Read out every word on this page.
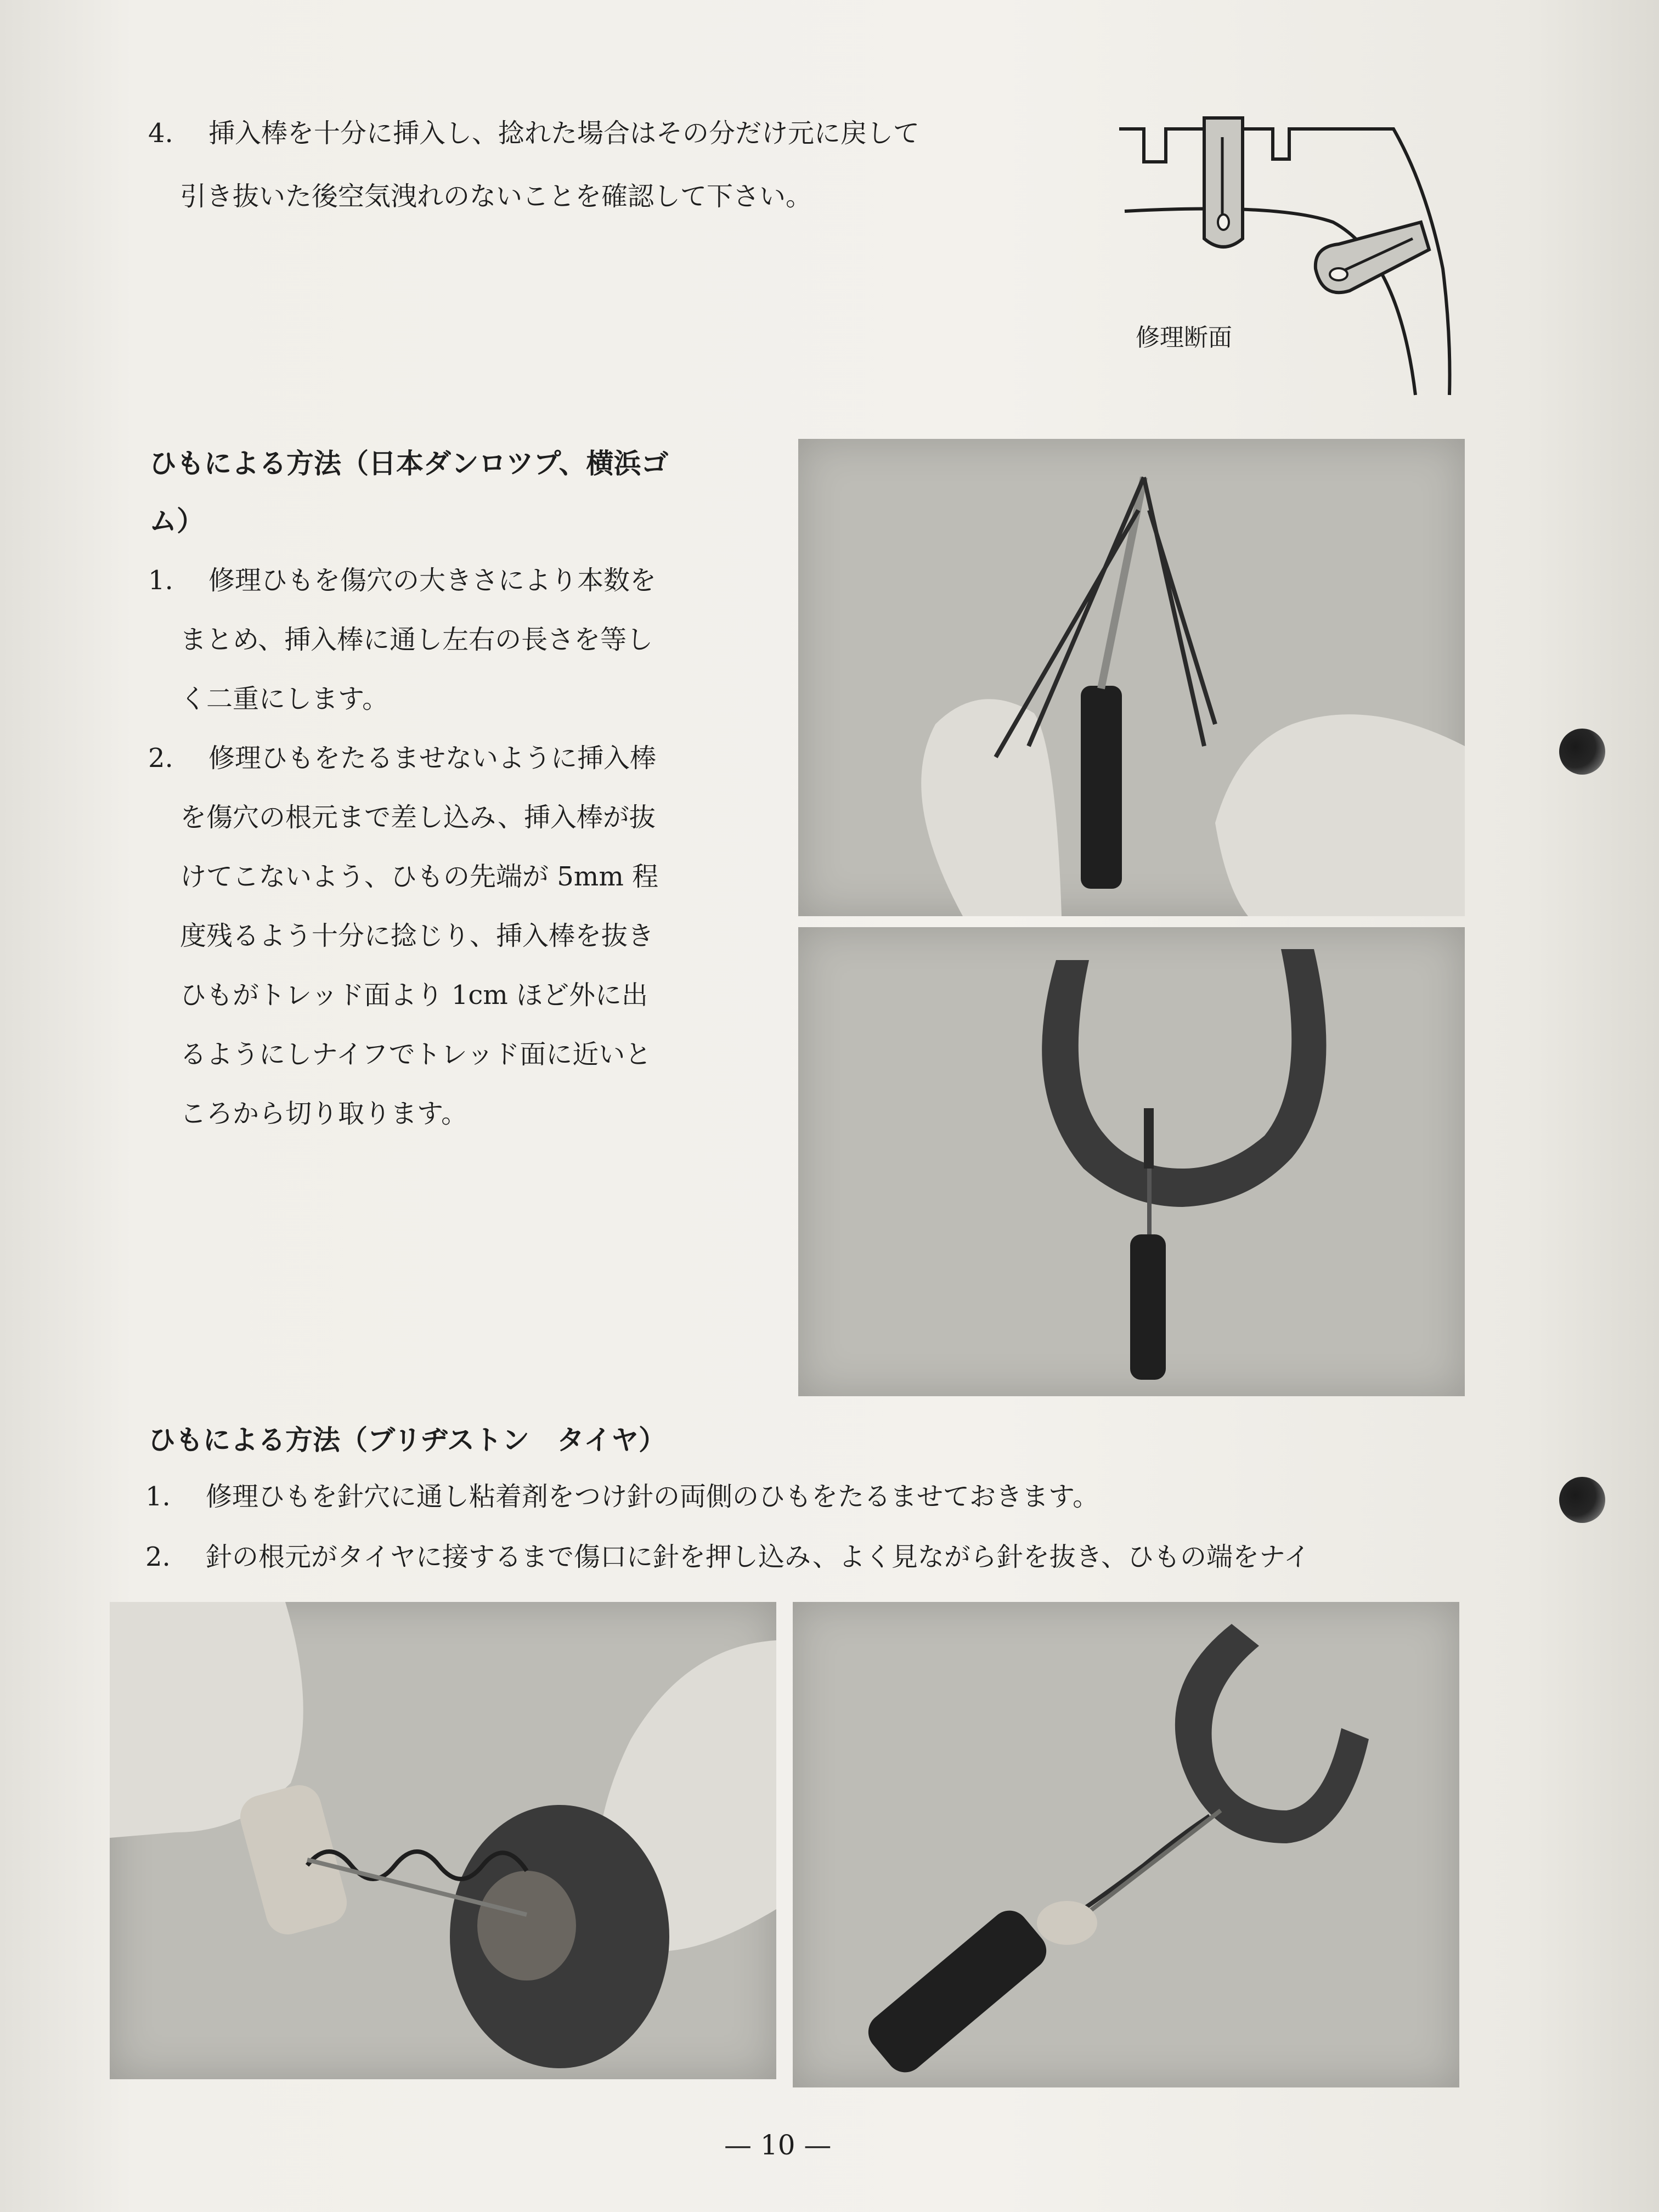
4. 挿入棒を十分に挿入し、捻れた場合はその分だけ元に戻して
引き抜いた後空気洩れのないことを確認して下さい。
修理断面
ひもによる方法（日本ダンロツプ、横浜ゴ
ム）
1. 修理ひもを傷穴の大きさにより本数を
まとめ、挿入棒に通し左右の長さを等し
く二重にします。
2. 修理ひもをたるませないように挿入棒
を傷穴の根元まで差し込み、挿入棒が抜
けてこないよう、ひもの先端が 5mm 程
度残るよう十分に捻じり、挿入棒を抜き
ひもがトレッド面より 1cm ほど外に出
るようにしナイフでトレッド面に近いと
ころから切り取ります。
ひもによる方法（ブリヂストン　タイヤ）
1. 修理ひもを針穴に通し粘着剤をつけ針の両側のひもをたるませておきます。
2. 針の根元がタイヤに接するまで傷口に針を押し込み、よく見ながら針を抜き、ひもの端をナイ
— 10 —
